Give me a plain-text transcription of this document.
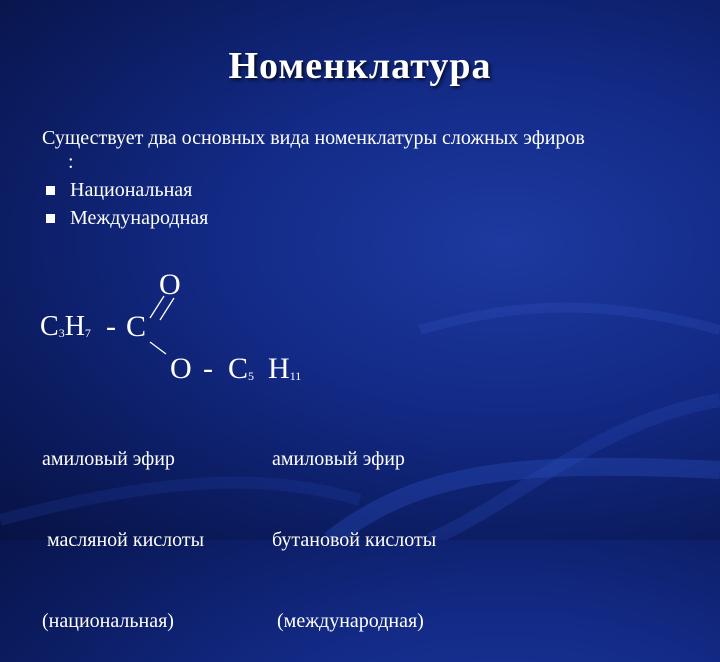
Номенклатура
Существует два основных вида номенклатуры сложных эфиров
:
Национальная
Международная
O
$C_3H_7$ - C
O - $C_5$ $H_{11}$

амиловый эфир

масляной кислоты

(национальная)

амиловый эфир

бутановой кислоты

(международная)
